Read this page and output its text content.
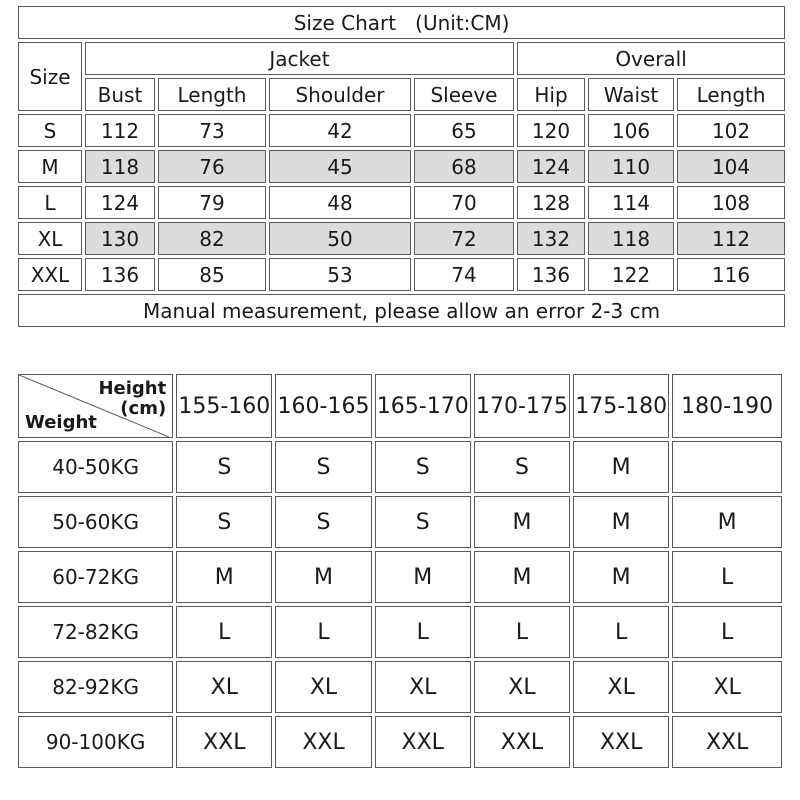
Size Chart (Unit:CM)							
Size	Jacket				Overall		
	Bust	Length	Shoulder	Sleeve	Hip	Waist	Length
S	112	73	42	65	120	106	102
M	118	76	45	68	124	110	104
L	124	79	48	70	128	114	108
XL	130	82	50	72	132	118	112
XXL	136	85	53	74	136	122	116
Manual measurement, please allow an error 2-3 cm							
Height
(cm)
Weight	155-160	160-165	165-170	170-175	175-180	180-190
40-50KG	S	S	S	S	M	
50-60KG	S	S	S	M	M	M
60-72KG	M	M	M	M	M	L
72-82KG	L	L	L	L	L	L
82-92KG	XL	XL	XL	XL	XL	XL
90-100KG	XXL	XXL	XXL	XXL	XXL	XXL
